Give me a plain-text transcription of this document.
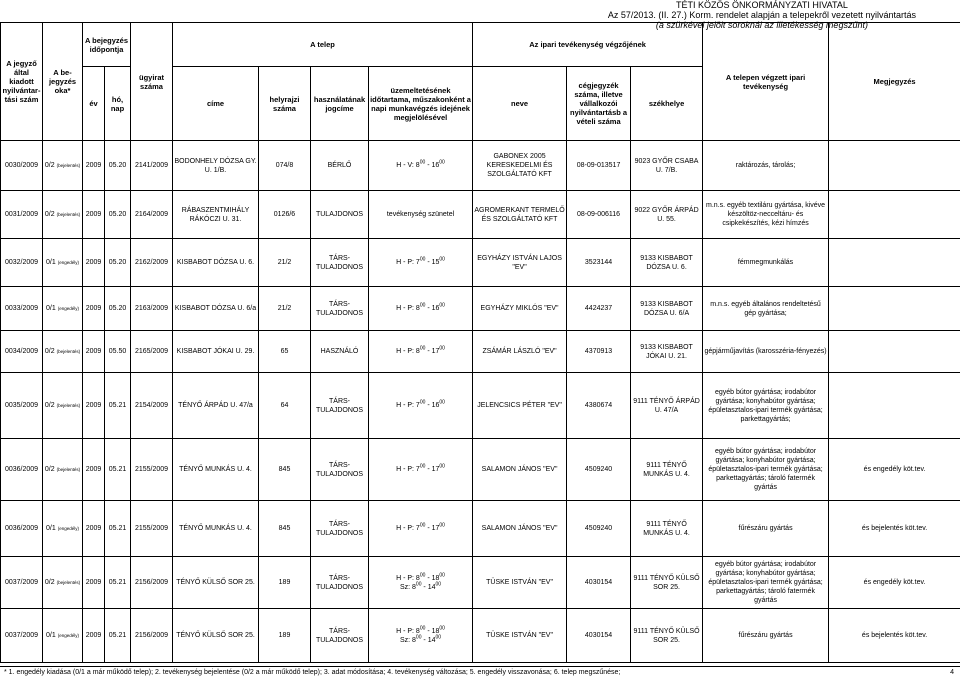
TÉTI KÖZÖS ÖNKORMÁNYZATI HIVATAL
Az 57/2013. (II. 27.) Korm. rendelet alapján a telepekről vezetett nyilvántartás
(a szürkével jelölt soroknál az illetékesség megszűnt)
A jegyző által kiadott nyilvántar-tási szám	A be-jegyzés oka*	A bejegyzés időpontja		ügyirat száma	A telep				Az ipari tevékenység végzőjének			A telepen végzett ipari tevékenység	Megjegyzés
		év	hó, nap		címe	helyrajzi száma	használatának jogcíme	üzemeltetésének időtartama, műszakonként a napi munkavégzés idejének megjelölésével	neve	cégjegyzék száma, illetve vállalkozói nyilvántartásb a vételi száma	székhelye		
0030/2009	0/2 (bejelentés)	2009	05.20	2141/2009	BODONHELY DÓZSA GY. U. 1/B.	074/8	BÉRLŐ	H - V: $8^{00} - 16^{00}$	GABONEX 2005 KERESKEDELMI ÉS SZOLGÁLTATÓ KFT	08-09-013517	9023 GYŐR CSABA U. 7/B.	raktározás, tárolás;	
0031/2009	0/2 (bejelentés)	2009	05.20	2164/2009	RÁBASZENTMIHÁLY RÁKÓCZI U. 31.	0126/6	TULAJDONOS	tevékenység szünetel	AGROMERKANT TERMELŐ ÉS SZOLGÁLTATÓ KFT	08-09-006116	9022 GYŐR ÁRPÁD U. 55.	m.n.s. egyéb textiláru gyártása, kivéve készöltöz-necceltáru- és csipkekészítés, kézi hímzés	
0032/2009	0/1 (engedély)	2009	05.20	2162/2009	KISBABOT DÓZSA U. 6.	21/2	TÁRS-TULAJDONOS	H - P: $7^{00} - 15^{00}$	EGYHÁZY ISTVÁN LAJOS "EV"	3523144	9133 KISBABOT DÓZSA U. 6.	fémmegmunkálás	
0033/2009	0/1 (engedély)	2009	05.20	2163/2009	KISBABOT DÓZSA U. 6/a	21/2	TÁRS-TULAJDONOS	H - P: $8^{00} - 16^{00}$	EGYHÁZY MIKLÓS "EV"	4424237	9133 KISBABOT DÓZSA U. 6/A	m.n.s. egyéb általános rendeltetésű gép gyártása;	
0034/2009	0/2 (bejelentés)	2009	05.50	2165/2009	KISBABOT JÓKAI U. 29.	65	HASZNÁLÓ	H - P: $8^{00} - 17^{00}$	ZSÁMÁR LÁSZLÓ "EV"	4370913	9133 KISBABOT JÓKAI U. 21.	gépjárműjavítás (karosszéria-fényezés)	
0035/2009	0/2 (bejelentés)	2009	05.21	2154/2009	TÉNYŐ ÁRPÁD U. 47/a	64	TÁRS-TULAJDONOS	H - P: $7^{00} - 16^{00}$	JELENCSICS PÉTER "EV"	4380674	9111 TÉNYŐ ÁRPÁD U. 47/A	egyéb bútor gyártása; irodabútor gyártása; konyhabútor gyártása; épületasztalos-ipari termék gyártása; parkettagyártás;	
0036/2009	0/2 (bejelentés)	2009	05.21	2155/2009	TÉNYŐ MUNKÁS U. 4.	845	TÁRS-TULAJDONOS	H - P: $7^{00} - 17^{00}$	SALAMON JÁNOS "EV"	4509240	9111 TÉNYŐ MUNKÁS U. 4.	egyéb bútor gyártása; irodabútor gyártása; konyhabútor gyártása; épületasztalos-ipari termék gyártása; parkettagyártás; tároló fatermék gyártás	és engedély köt.tev.
0036/2009	0/1 (engedély)	2009	05.21	2155/2009	TÉNYŐ MUNKÁS U. 4.	845	TÁRS-TULAJDONOS	H - P: $7^{00} - 17^{00}$	SALAMON JÁNOS "EV"	4509240	9111 TÉNYŐ MUNKÁS U. 4.	fűrészáru gyártás	és bejelentés köt.tev.
0037/2009	0/2 (bejelentés)	2009	05.21	2156/2009	TÉNYŐ KÜLSŐ SOR 25.	189	TÁRS-TULAJDONOS	H - P: $8^{00} - 18^{00}$
Sz: $8^{00} - 14^{00}$	TÜSKE ISTVÁN "EV"	4030154	9111 TÉNYŐ KÜLSŐ SOR 25.	egyéb bútor gyártása; irodabútor gyártása; konyhabútor gyártása; épületasztalos-ipari termék gyártása; parkettagyártás; tároló fatermék gyártás	és engedély köt.tev.
0037/2009	0/1 (engedély)	2009	05.21	2156/2009	TÉNYŐ KÜLSŐ SOR 25.	189	TÁRS-TULAJDONOS	H - P: $8^{00} - 18^{00}$
Sz: $8^{00} - 14^{00}$	TÜSKE ISTVÁN "EV"	4030154	9111 TÉNYŐ KÜLSŐ SOR 25.	fűrészáru gyártás	és bejelentés köt.tev.
* 1. engedély kiadása (0/1 a már működő telep); 2. tevékenység bejelentése (0/2 a már működő telep); 3. adat módosítása; 4. tevékenység változása; 5. engedély visszavonása; 6. telep megszűnése;	4
